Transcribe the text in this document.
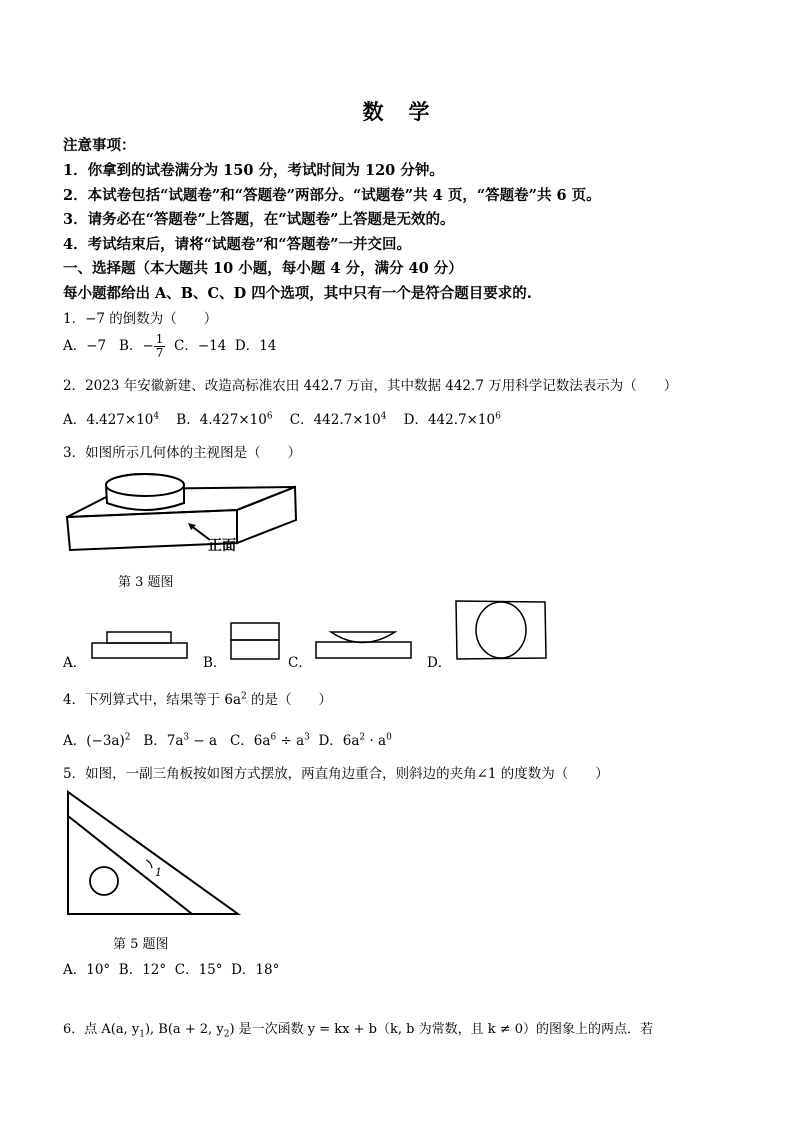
数　学
注意事项：
1．你拿到的试卷满分为 150 分，考试时间为 120 分钟。
2．本试卷包括“试题卷”和“答题卷”两部分。“试题卷”共 4 页，“答题卷”共 6 页。
3．请务必在“答题卷”上答题，在“试题卷”上答题是无效的。
4．考试结束后，请将“试题卷”和“答题卷”一并交回。
一、选择题（本大题共 10 小题，每小题 4 分，满分 40 分）
每小题都给出 A、B、C、D 四个选项，其中只有一个是符合题目要求的.
1．−7 的倒数为（　　）
A．−7 B．− $\frac{1}{7}$ C．−14 D．14
2．2023 年安徽新建、改造高标准农田 442.7 万亩，其中数据 442.7 万用科学记数法表示为（　　）
A．$4.427\times 10^4$ B．$4.427\times 10^6$ C．$442.7\times 10^4$ D．$442.7\times 10^6$
3．如图所示几何体的主视图是（　　）
正面
第 3 题图
A．	B．	C．	D．
4．下列算式中，结果等于 $6a^2$ 的是（　　）
A．$(-3a)^2$ B．$7a^3 - a$ C．$6a^6 \div a^3$ D．$6a^2 \cdot a^0$
5．如图，一副三角板按如图方式摆放，两直角边重合，则斜边的夹角∠1 的度数为（　　）
1
第 5 题图
A．10° B．12° C．15° D．18°
6．点 A(a, $y_1$), B(a + 2, $y_2$) 是一次函数 y = kx + b（k, b 为常数，且 k ≠ 0）的图象上的两点．若
